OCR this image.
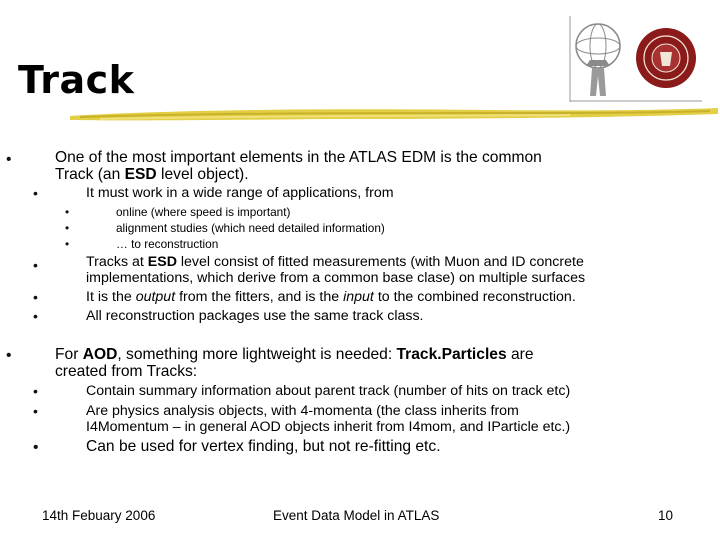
Track
•	One of the most important elements in the ATLAS EDM is the common
Track (an ESD level object).
•	It must work in a wide range of applications, from
•	online (where speed is important)
•	alignment studies (which need detailed information)
•	… to reconstruction
•	Tracks at ESD level consist of fitted measurements (with Muon and ID concrete
implementations, which derive from a common base clase) on multiple surfaces
•	It is the output from the fitters, and is the input to the combined reconstruction.
•	All reconstruction packages use the same track class.
•	For AOD, something more lightweight is needed: Track.Particles are
created from Tracks:
•	Contain summary information about parent track (number of hits on track etc)
•	Are physics analysis objects, with 4-momenta (the class inherits from
I4Momentum – in general AOD objects inherit from I4mom, and IParticle etc.)
•	Can be used for vertex finding, but not re-fitting etc.
14th Febuary 2006	Event Data Model in ATLAS	10
